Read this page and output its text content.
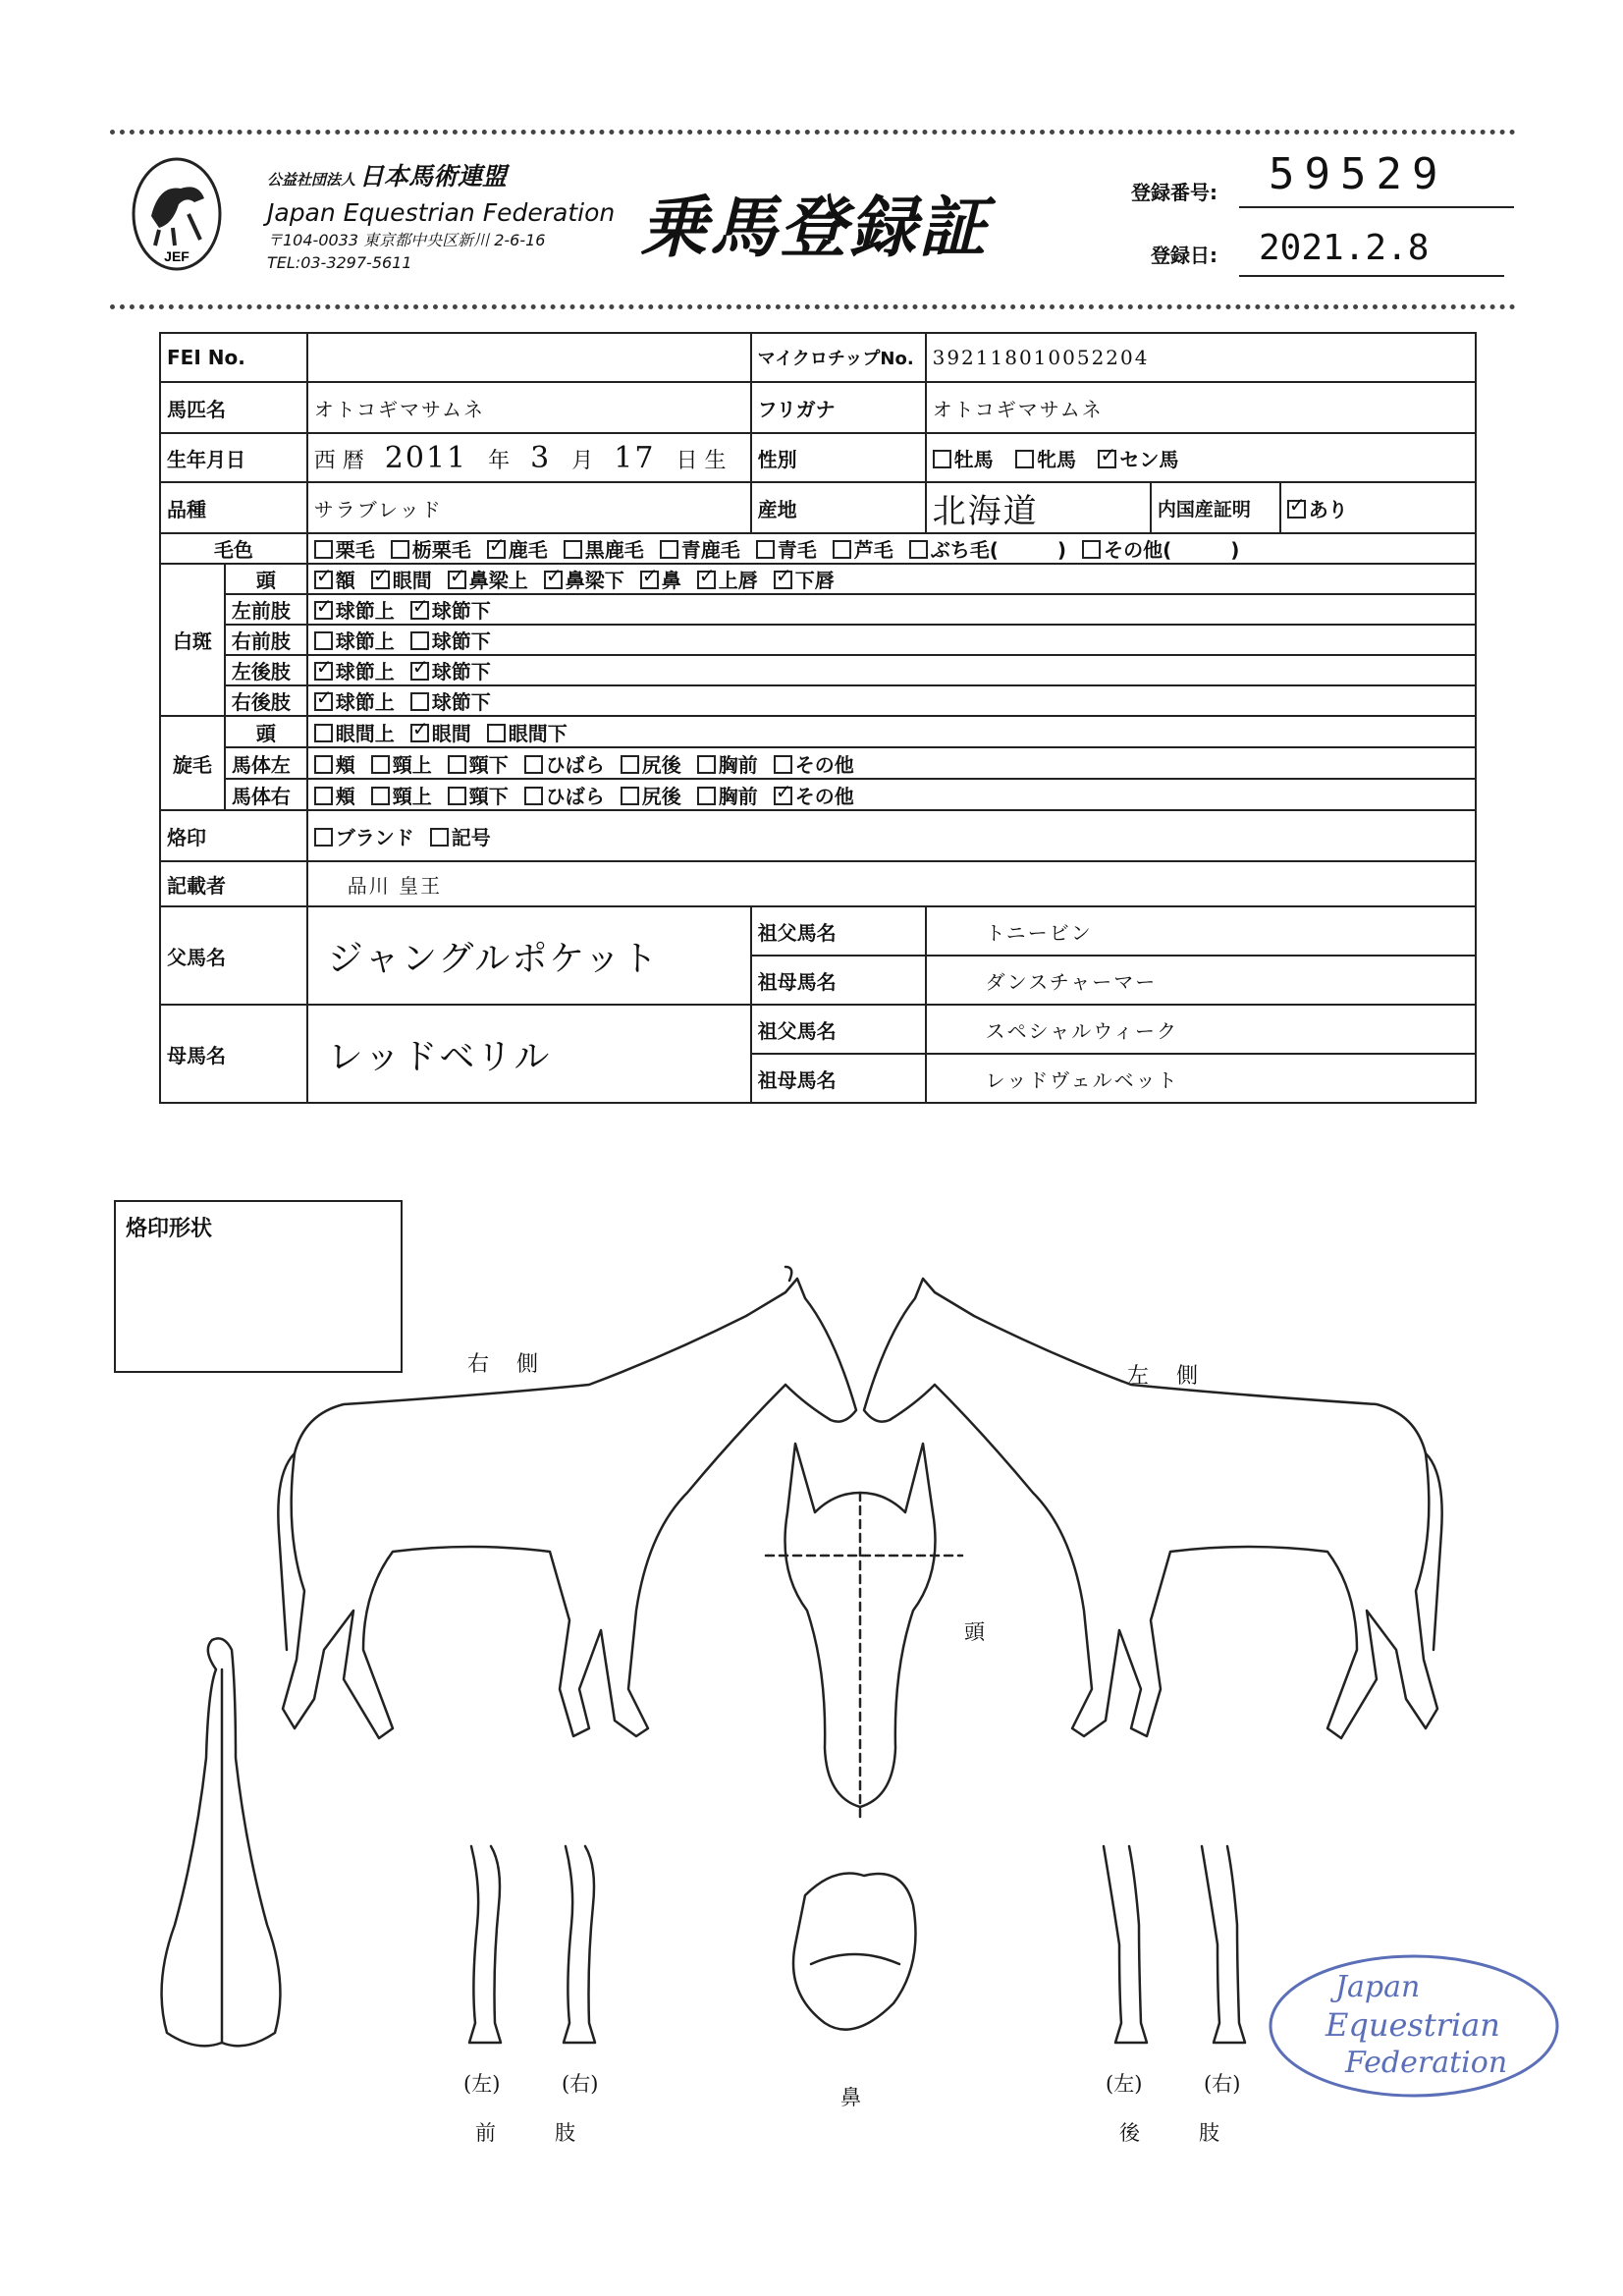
JEF
公益社団法人 日本馬術連盟
Japan Equestrian Federation
〒104-0033 東京都中央区新川 2-6-16
TEL:03-3297-5611	乗馬登録証	登録番号:	59529
登録日:	2021.2.8
FEI No.			マイクロチップNo.	392118010052204		
馬匹名		オトコギマサムネ	フリガナ	オトコギマサムネ		
生年月日		西 暦 2011 年 3 月 17 日 生	性別	牡馬 牝馬 ✓ セン馬
品種		サラブレッド	産地	北海道	内国産証明	✓あり
毛色		栗毛 栃栗毛 ✓ 鹿毛 黒鹿毛 青鹿毛 青毛 芦毛 ぶち毛(　　　) その他(　　　)
白斑	頭	✓額 ✓ 眼間 ✓ 鼻梁上 ✓ 鼻梁下 ✓ 鼻 ✓ 上唇 ✓ 下唇
	左前肢	✓球節上 ✓ 球節下
	右前肢	球節上 球節下				
	左後肢	✓球節上 ✓ 球節下
	右後肢	✓球節上 球節下
旋毛	頭	眼間上 ✓ 眼間 眼間下
	馬体左	頬 頸上 頸下 ひばら 尻後 胸前 その他				
	馬体右	頬 頸上 頸下 ひばら 尻後 胸前 ✓ その他
烙印		ブランド 記号				
記載者		品川 皇王				
父馬名		ジャングルポケット	祖父馬名	トニービン		
			祖母馬名	ダンスチャーマー		
母馬名		レッドベリル	祖父馬名	スペシャルウィーク		
			祖母馬名	レッドヴェルベット		
烙印形状
右側	左側
頭
鼻
(左)	(右)	(左)	(右)
前肢	後肢
Japan
Equestrian
Federation
